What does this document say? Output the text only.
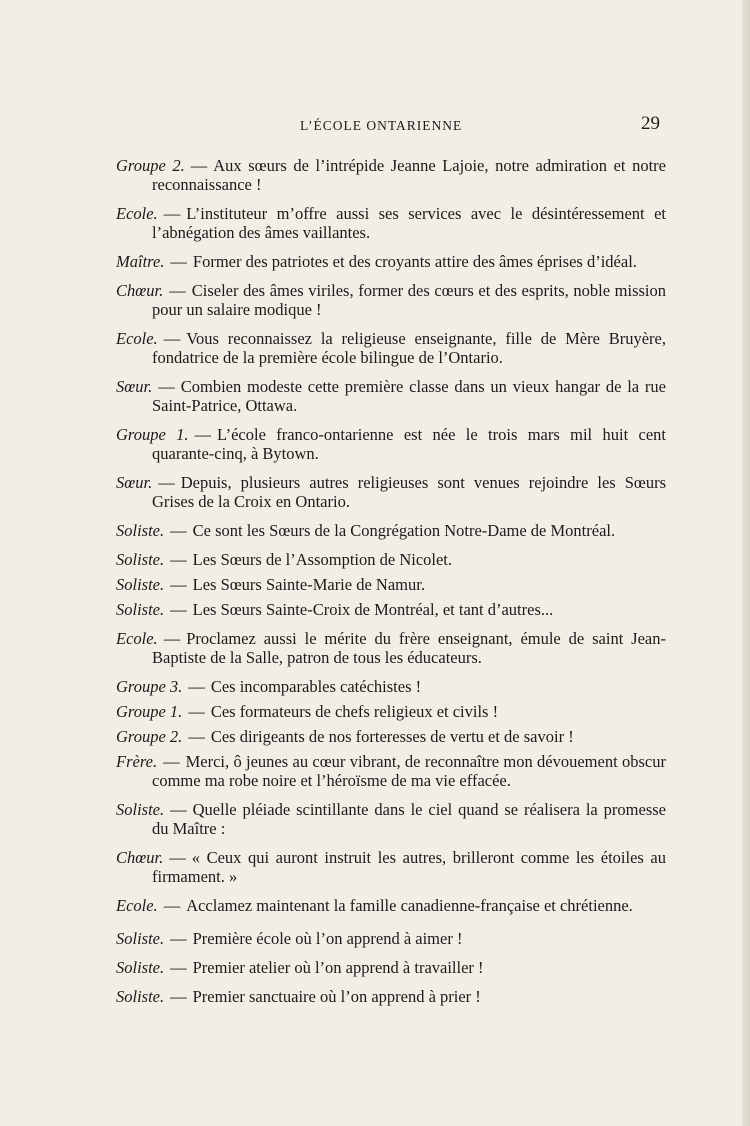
L’ÉCOLE ONTARIENNE	29

Groupe 2. — Aux sœurs de l’intrépide Jeanne Lajoie, notre admiration et notre reconnaissance !

Ecole. — L’instituteur m’offre aussi ses services avec le désintéressement et l’abnégation des âmes vaillantes.

Maître. — Former des patriotes et des croyants attire des âmes éprises d’idéal.

Chœur. — Ciseler des âmes viriles, former des cœurs et des esprits, noble mission pour un salaire modique !

Ecole. — Vous reconnaissez la religieuse enseignante, fille de Mère Bruyère, fondatrice de la première école bilingue de l’Ontario.

Sœur. — Combien modeste cette première classe dans un vieux hangar de la rue Saint-Patrice, Ottawa.

Groupe 1. — L’école franco-ontarienne est née le trois mars mil huit cent quarante-cinq, à Bytown.

Sœur. — Depuis, plusieurs autres religieuses sont venues rejoindre les Sœurs Grises de la Croix en Ontario.

Soliste. — Ce sont les Sœurs de la Congrégation Notre-Dame de Montréal.

Soliste. — Les Sœurs de l’Assomption de Nicolet.

Soliste. — Les Sœurs Sainte-Marie de Namur.

Soliste. — Les Sœurs Sainte-Croix de Montréal, et tant d’autres...

Ecole. — Proclamez aussi le mérite du frère enseignant, émule de saint Jean-Baptiste de la Salle, patron de tous les éducateurs.

Groupe 3. — Ces incomparables catéchistes !

Groupe 1. — Ces formateurs de chefs religieux et civils !

Groupe 2. — Ces dirigeants de nos forteresses de vertu et de savoir !

Frère. — Merci, ô jeunes au cœur vibrant, de reconnaître mon dévouement obscur comme ma robe noire et l’héroïsme de ma vie effacée.

Soliste. — Quelle pléiade scintillante dans le ciel quand se réalisera la promesse du Maître :

Chœur. — « Ceux qui auront instruit les autres, brilleront comme les étoiles au firmament. »

Ecole. — Acclamez maintenant la famille canadienne-française et chrétienne.

Soliste. — Première école où l’on apprend à aimer !

Soliste. — Premier atelier où l’on apprend à travailler !

Soliste. — Premier sanctuaire où l’on apprend à prier !
